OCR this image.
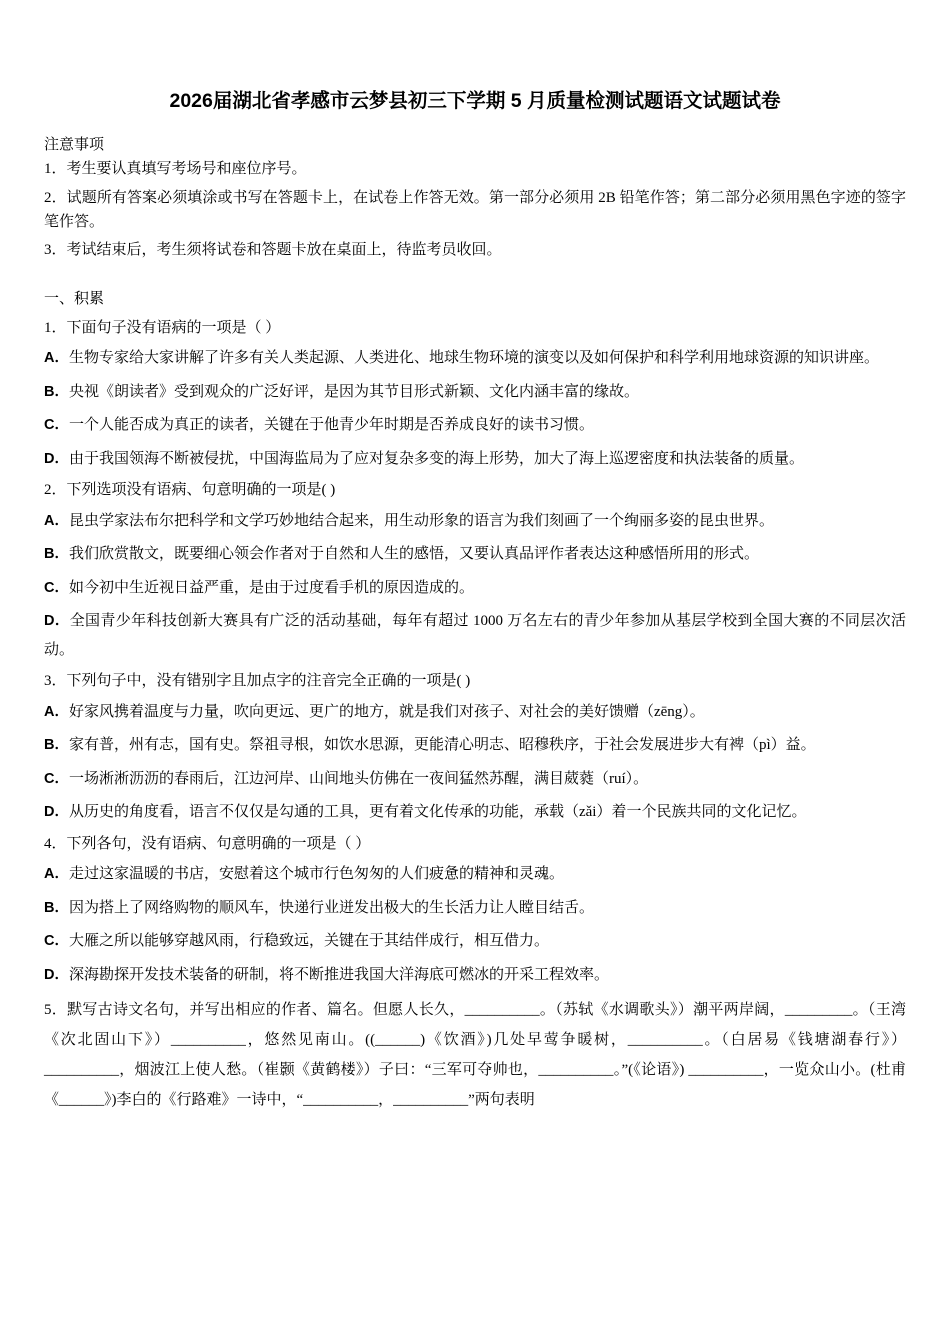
2026届湖北省孝感市云梦县初三下学期 5 月质量检测试题语文试题试卷

注意事项

1．考生要认真填写考场号和座位序号。

2．试题所有答案必须填涂或书写在答题卡上，在试卷上作答无效。第一部分必须用 2B 铅笔作答；第二部分必须用黑色字迹的签字笔作答。

3．考试结束后，考生须将试卷和答题卡放在桌面上，待监考员收回。

一、积累

1．下面句子没有语病的一项是（ ）

A．生物专家给大家讲解了许多有关人类起源、人类进化、地球生物环境的演变以及如何保护和科学利用地球资源的知识讲座。

B．央视《朗读者》受到观众的广泛好评，是因为其节目形式新颖、文化内涵丰富的缘故。

C．一个人能否成为真正的读者，关键在于他青少年时期是否养成良好的读书习惯。

D．由于我国领海不断被侵扰，中国海监局为了应对复杂多变的海上形势，加大了海上巡逻密度和执法装备的质量。

2．下列选项没有语病、句意明确的一项是( )

A．昆虫学家法布尔把科学和文学巧妙地结合起来，用生动形象的语言为我们刻画了一个绚丽多姿的昆虫世界。

B．我们欣赏散文，既要细心领会作者对于自然和人生的感悟，又要认真品评作者表达这种感悟所用的形式。

C．如今初中生近视日益严重，是由于过度看手机的原因造成的。

D．全国青少年科技创新大赛具有广泛的活动基础，每年有超过 1000 万名左右的青少年参加从基层学校到全国大赛的不同层次活动。

3．下列句子中，没有错别字且加点字的注音完全正确的一项是( )

A．好家风携着温度与力量，吹向更远、更广的地方，就是我们对孩子、对社会的美好馈赠（zēng）。

B．家有普，州有志，国有史。祭祖寻根，如饮水思源，更能清心明志、昭穆秩序，于社会发展进步大有裨（pì）益。

C．一场淅淅沥沥的春雨后，江边河岸、山间地头仿佛在一夜间猛然苏醒，满目葳蕤（ruí）。

D．从历史的角度看，语言不仅仅是勾通的工具，更有着文化传承的功能，承载（zǎi）着一个民族共同的文化记忆。

4．下列各句，没有语病、句意明确的一项是（ ）

A．走过这家温暖的书店，安慰着这个城市行色匆匆的人们疲惫的精神和灵魂。

B．因为搭上了网络购物的顺风车，快递行业迸发出极大的生长活力让人瞠目结舌。

C．大雁之所以能够穿越风雨，行稳致远，关键在于其结伴成行，相互借力。

D．深海勘探开发技术装备的研制，将不断推进我国大洋海底可燃冰的开采工程效率。

5．默写古诗文名句，并写出相应的作者、篇名。但愿人长久，__________。（苏轼《水调歌头》）潮平两岸阔，_________。（王湾《次北固山下》）__________，悠然见南山。((______)《饮酒》)几处早莺争暖树，__________。（白居易《钱塘湖春行》）__________，烟波江上使人愁。（崔颢《黄鹤楼》）子曰：“三军可夺帅也，__________。”(《论语》) __________，一览众山小。(杜甫《______》)李白的《行路难》一诗中，“__________，__________”两句表明
